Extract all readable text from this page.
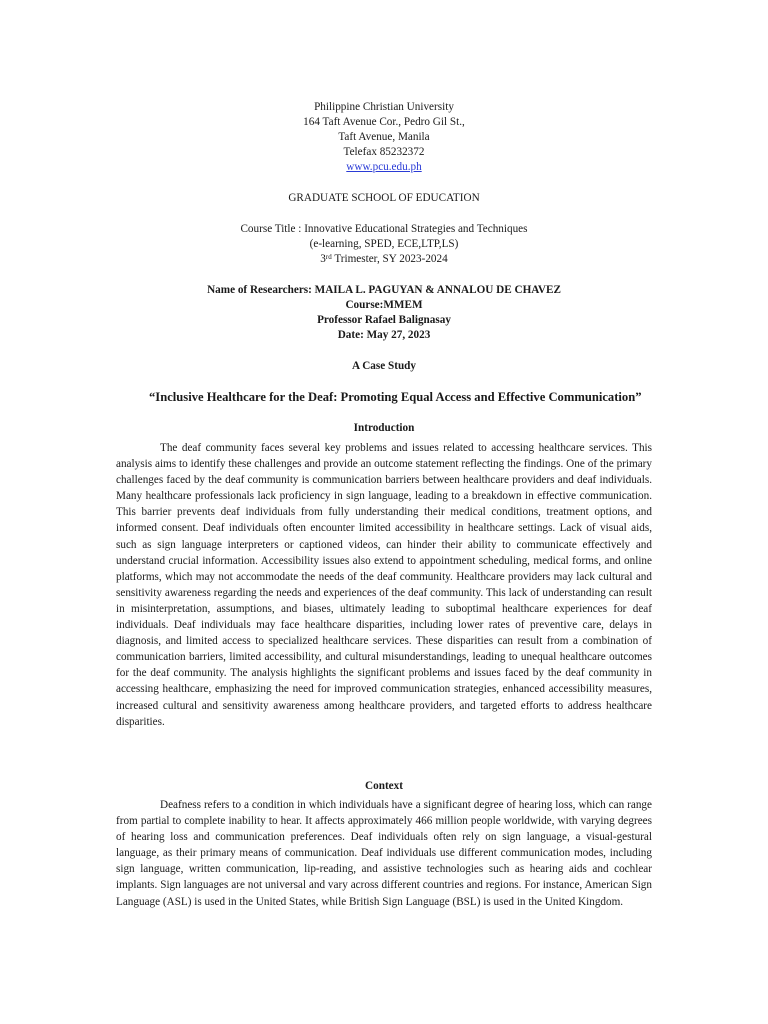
Philippine Christian University
164 Taft Avenue Cor., Pedro Gil St.,
Taft Avenue, Manila
Telefax 85232372
www.pcu.edu.ph
GRADUATE SCHOOL OF EDUCATION
Course Title : Innovative Educational Strategies and Techniques
(e-learning, SPED, ECE,LTP,LS)
3rd Trimester, SY 2023-2024
Name of Researchers: MAILA L. PAGUYAN & ANNALOU DE CHAVEZ
Course:MMEM
Professor Rafael Balignasay
Date: May 27, 2023
A Case Study
“Inclusive Healthcare for the Deaf: Promoting Equal Access and Effective Communication”
Introduction
The deaf community faces several key problems and issues related to accessing healthcare services. This analysis aims to identify these challenges and provide an outcome statement reflecting the findings. One of the primary challenges faced by the deaf community is communication barriers between healthcare providers and deaf individuals. Many healthcare professionals lack proficiency in sign language, leading to a breakdown in effective communication. This barrier prevents deaf individuals from fully understanding their medical conditions, treatment options, and informed consent. Deaf individuals often encounter limited accessibility in healthcare settings. Lack of visual aids, such as sign language interpreters or captioned videos, can hinder their ability to communicate effectively and understand crucial information. Accessibility issues also extend to appointment scheduling, medical forms, and online platforms, which may not accommodate the needs of the deaf community. Healthcare providers may lack cultural and sensitivity awareness regarding the needs and experiences of the deaf community. This lack of understanding can result in misinterpretation, assumptions, and biases, ultimately leading to suboptimal healthcare experiences for deaf individuals. Deaf individuals may face healthcare disparities, including lower rates of preventive care, delays in diagnosis, and limited access to specialized healthcare services. These disparities can result from a combination of communication barriers, limited accessibility, and cultural misunderstandings, leading to unequal healthcare outcomes for the deaf community. The analysis highlights the significant problems and issues faced by the deaf community in accessing healthcare, emphasizing the need for improved communication strategies, enhanced accessibility measures, increased cultural and sensitivity awareness among healthcare providers, and targeted efforts to address healthcare disparities.
Context
Deafness refers to a condition in which individuals have a significant degree of hearing loss, which can range from partial to complete inability to hear. It affects approximately 466 million people worldwide, with varying degrees of hearing loss and communication preferences. Deaf individuals often rely on sign language, a visual-gestural language, as their primary means of communication. Deaf individuals use different communication modes, including sign language, written communication, lip-reading, and assistive technologies such as hearing aids and cochlear implants. Sign languages are not universal and vary across different countries and regions. For instance, American Sign Language (ASL) is used in the United States, while British Sign Language (BSL) is used in the United Kingdom.
